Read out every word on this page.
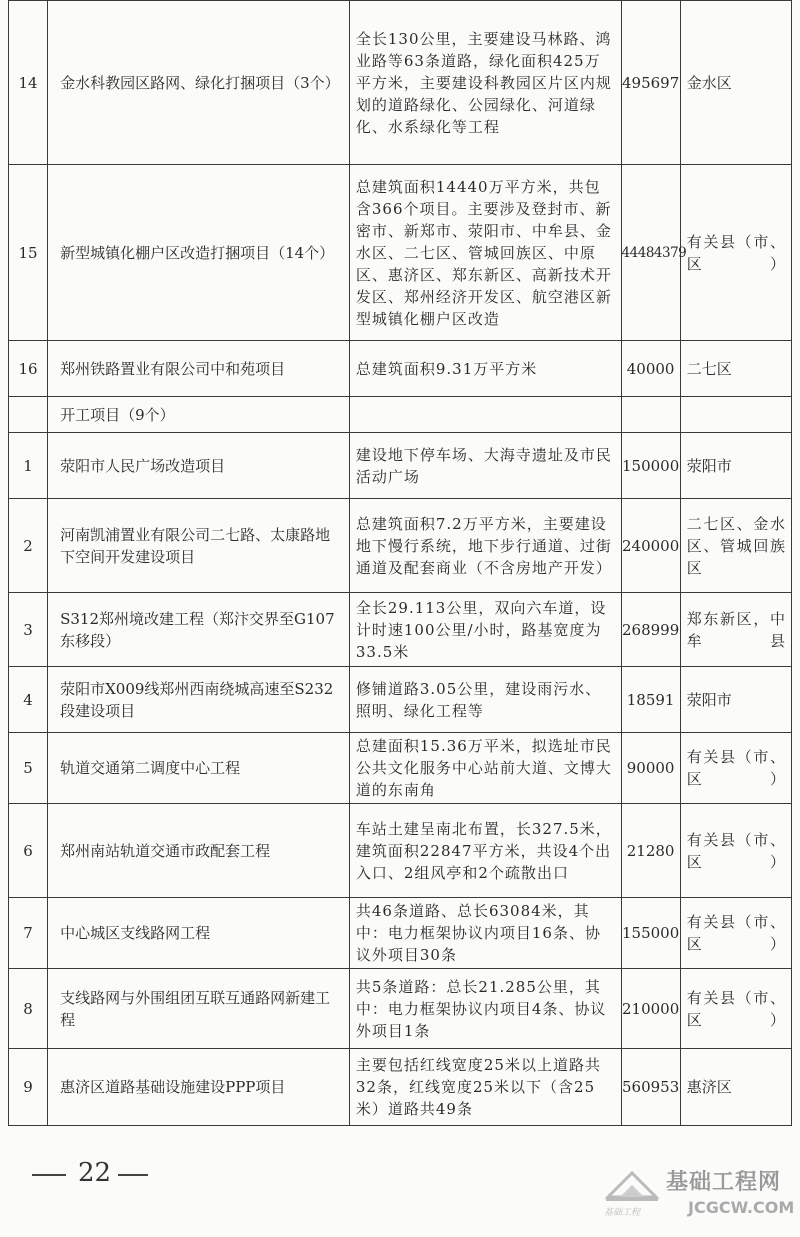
14	金水科教园区路网、绿化打捆项目（3个）	全长130公里，主要建设马林路、鸿业路等63条道路，绿化面积425万平方米，主要建设科教园区片区内规划的道路绿化、公园绿化、河道绿化、水系绿化等工程	495697	金水区
15	新型城镇化棚户区改造打捆项目（14个）	总建筑面积14440万平方米，共包含366个项目。主要涉及登封市、新密市、新郑市、荥阳市、中牟县、金水区、二七区、管城回族区、中原区、惠济区、郑东新区、高新技术开发区、郑州经济开发区、航空港区新型城镇化棚户区改造	44484379	有关县（市、区）
16	郑州铁路置业有限公司中和苑项目	总建筑面积9.31万平方米	40000	二七区
	开工项目（9个）			
1	荥阳市人民广场改造项目	建设地下停车场、大海寺遗址及市民活动广场	150000	荥阳市
2	河南凯浦置业有限公司二七路、太康路地下空间开发建设项目	总建筑面积7.2万平方米，主要建设地下慢行系统，地下步行通道、过街通道及配套商业（不含房地产开发）	240000	二七区、金水区、管城回族区
3	S312郑州境改建工程（郑汴交界至G107东移段）	全长29.113公里，双向六车道，设计时速100公里/小时，路基宽度为33.5米	268999	郑东新区，中牟县
4	荥阳市X009线郑州西南绕城高速至S232段建设项目	修铺道路3.05公里，建设雨污水、照明、绿化工程等	18591	荥阳市
5	轨道交通第二调度中心工程	总建面积15.36万平米，拟选址市民公共文化服务中心站前大道、文博大道的东南角	90000	有关县（市、区）
6	郑州南站轨道交通市政配套工程	车站土建呈南北布置，长327.5米，建筑面积22847平方米，共设4个出入口、2组风亭和2个疏散出口	21280	有关县（市、区）
7	中心城区支线路网工程	共46条道路、总长63084米，其中：电力框架协议内项目16条、协议外项目30条	155000	有关县（市、区）
8	支线路网与外围组团互联互通路网新建工程	共5条道路：总长21.285公里，其中：电力框架协议内项目4条、协议外项目1条	210000	有关县（市、区）
9	惠济区道路基础设施建设PPP项目	主要包括红线宽度25米以上道路共32条，红线宽度25米以下（含25米）道路共49条	560953	惠济区
22	基础工程网
基础工程	JCGCW.COM
